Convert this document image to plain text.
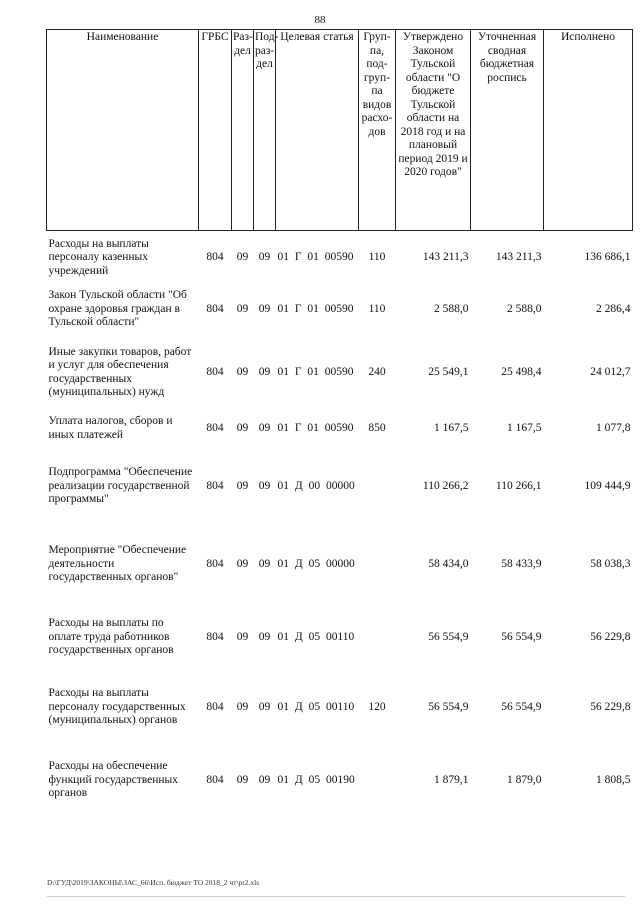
88
Наименование	ГРБС	Раз-дел	Под-раз-дел	Целевая статья	Груп-па, под-груп-па видов расхо-дов	Утверждено Законом Тульской области "О бюджете Тульской области на 2018 год и на плановый период 2019 и 2020 годов"	Уточненная сводная бюджетная роспись	Исполнено
Расходы на выплаты персоналу казенных учреждений	804	09	09	01 Г 01 00590	110	143 211,3	143 211,3	136 686,1
Закон Тульской области "Об охране здоровья граждан в Тульской области"	804	09	09	01 Г 01 00590	110	2 588,0	2 588,0	2 286,4
Иные закупки товаров, работ и услуг для обеспечения государственных (муниципальных) нужд	804	09	09	01 Г 01 00590	240	25 549,1	25 498,4	24 012,7
Уплата налогов, сборов и иных платежей	804	09	09	01 Г 01 00590	850	1 167,5	1 167,5	1 077,8
Подпрограмма "Обеспечение реализации государственной программы"	804	09	09	01 Д 00 00000		110 266,2	110 266,1	109 444,9
Мероприятие "Обеспечение деятельности государственных органов"	804	09	09	01 Д 05 00000		58 434,0	58 433,9	58 038,3
Расходы на выплаты по оплате труда работников государственных органов	804	09	09	01 Д 05 00110		56 554,9	56 554,9	56 229,8
Расходы на выплаты персоналу государственных (муниципальных) органов	804	09	09	01 Д 05 00110	120	56 554,9	56 554,9	56 229,8
Расходы на обеспечение функций государственных органов	804	09	09	01 Д 05 00190		1 879,1	1 879,0	1 808,5
D:\ГУД\2019\ЗАКОНЫ\ЗАС_66\Исп. бюджет ТО 2018_2 чт\pr2.xls
